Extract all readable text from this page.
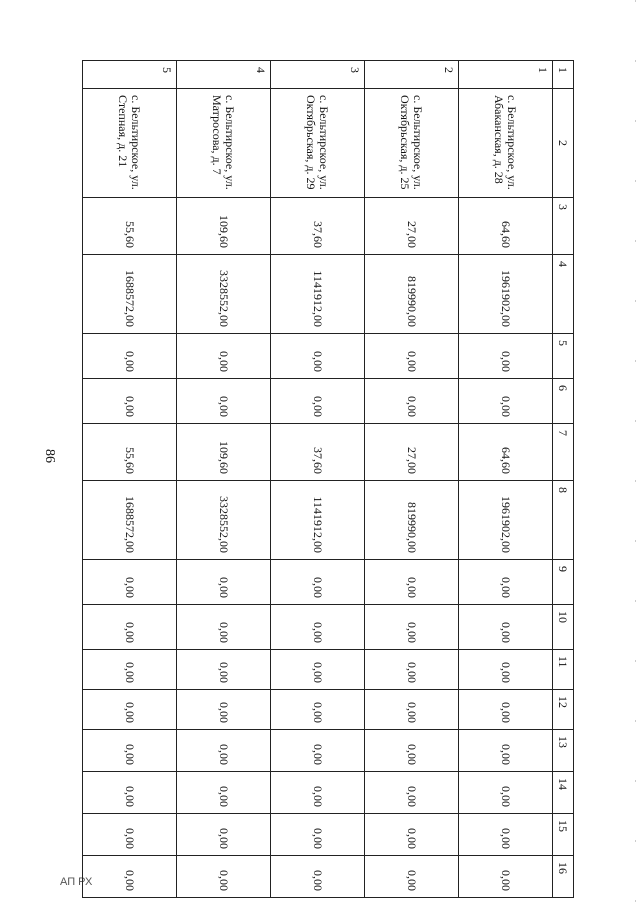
86
АП РХ
1	2	3	4	5	6	7	8	9	10	11	12	13	14	15	16
1	с. Бельтирское, ул. Абаканская, д. 28	64,60	1961902,00	0,00	0,00	64,60	1961902,00	0,00	0,00	0,00	0,00	0,00	0,00	0,00	0,00
2	с. Бельтирское, ул. Октябрьская, д. 25	27,00	819990,00	0,00	0,00	27,00	819990,00	0,00	0,00	0,00	0,00	0,00	0,00	0,00	0,00
3	с. Бельтирское, ул. Октябрьская, д. 29	37,60	1141912,00	0,00	0,00	37,60	1141912,00	0,00	0,00	0,00	0,00	0,00	0,00	0,00	0,00
4	с. Бельтирское, ул. Матросова, д. 7	109,60	3328552,00	0,00	0,00	109,60	3328552,00	0,00	0,00	0,00	0,00	0,00	0,00	0,00	0,00
5	с. Бельтирское, ул. Степная, д. 21	55,60	1688572,00	0,00	0,00	55,60	1688572,00	0,00	0,00	0,00	0,00	0,00	0,00	0,00	0,00
